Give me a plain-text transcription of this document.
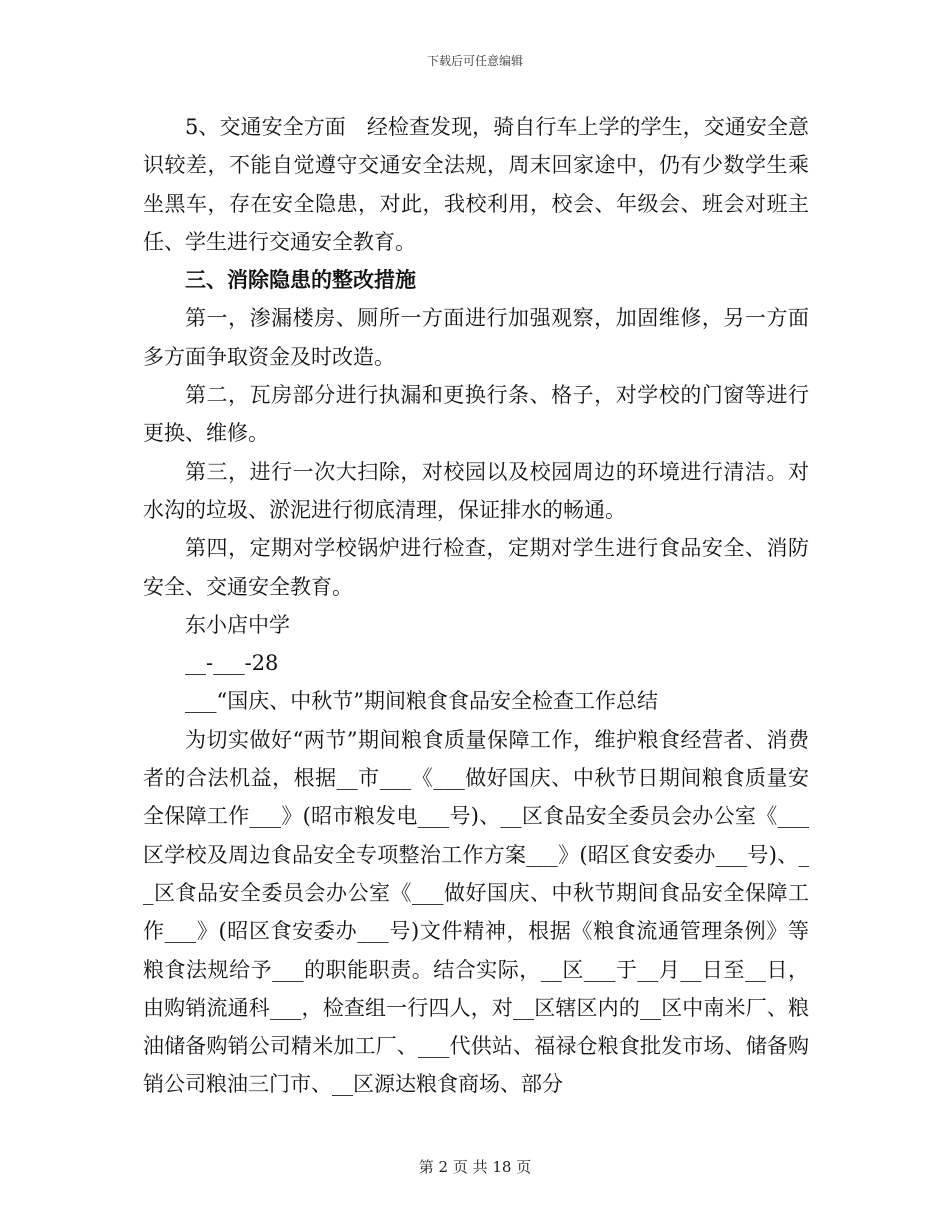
下载后可任意编辑

5、交通安全方面　经检查发现，骑自行车上学的学生，交通安全意识较差，不能自觉遵守交通安全法规，周末回家途中，仍有少数学生乘坐黑车，存在安全隐患，对此，我校利用，校会、年级会、班会对班主任、学生进行交通安全教育。

三、消除隐患的整改措施

第一，渗漏楼房、厕所一方面进行加强观察，加固维修，另一方面多方面争取资金及时改造。

第二，瓦房部分进行执漏和更换行条、格子，对学校的门窗等进行更换、维修。

第三，进行一次大扫除，对校园以及校园周边的环境进行清洁。对水沟的垃圾、淤泥进行彻底清理，保证排水的畅通。

第四，定期对学校锅炉进行检查，定期对学生进行食品安全、消防安全、交通安全教育。

东小店中学

__-___-28

___“国庆、中秋节”期间粮食食品安全检查工作总结

为切实做好“两节”期间粮食质量保障工作，维护粮食经营者、消费者的合法机益，根据__市___《___做好国庆、中秋节日期间粮食质量安全保障工作___》(昭市粮发电___号)、__区食品安全委员会办公室《___区学校及周边食品安全专项整治工作方案___》(昭区食安委办___号)、__区食品安全委员会办公室《___做好国庆、中秋节期间食品安全保障工作___》(昭区食安委办___号)文件精神，根据《粮食流通管理条例》等粮食法规给予___的职能职责。结合实际，__区___于__月__日至__日，由购销流通科___，检查组一行四人，对__区辖区内的__区中南米厂、粮油储备购销公司精米加工厂、___代供站、福禄仓粮食批发市场、储备购销公司粮油三门市、__区源达粮食商场、部分

第 2 页 共 18 页
